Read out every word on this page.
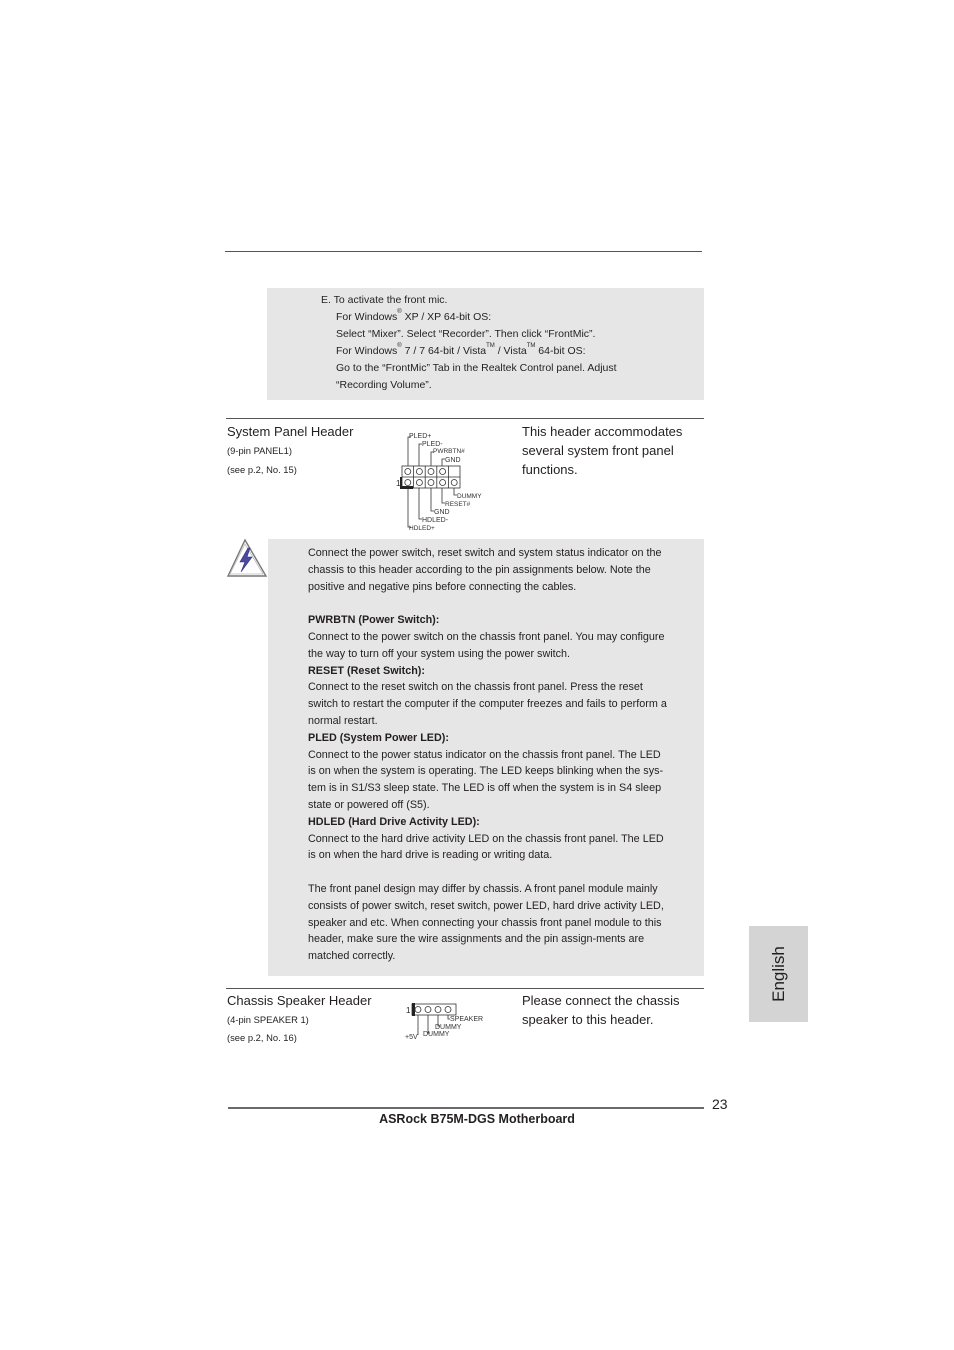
E. To activate the front mic.

For Windows® XP / XP 64-bit OS:

Select “Mixer”. Select “Recorder”. Then click “FrontMic”.

For Windows® 7 / 7 64-bit / Vista™ / Vista™ 64-bit OS:

Go to the “FrontMic” Tab in the Realtek Control panel. Adjust

“Recording Volume”.

System Panel Header
(9-pin PANEL1)
(see p.2, No. 15)

This header accommodates

several system front panel

functions.

1
PLED+
PLED-
PWRBTN#
GND
DUMMY
RESET#
GND
HDLED-
HDLED+

Connect the power switch, reset switch and system status indicator on the

chassis to this header according to the pin assignments below. Note the

positive and negative pins before connecting the cables.

PWRBTN (Power Switch):

Connect to the power switch on the chassis front panel. You may configure

the way to turn off your system using the power switch.

RESET (Reset Switch):

Connect to the reset switch on the chassis front panel. Press the reset

switch to restart the computer if the computer freezes and fails to perform a

normal restart.

PLED (System Power LED):

Connect to the power status indicator on the chassis front panel. The LED

is on when the system is operating. The LED keeps blinking when the sys-

tem is in S1/S3 sleep state. The LED is off when the system is in S4 sleep

state or powered off (S5).

HDLED (Hard Drive Activity LED):

Connect to the hard drive activity LED on the chassis front panel. The LED

is on when the hard drive is reading or writing data.

The front panel design may differ by chassis. A front panel module mainly

consists of power switch, reset switch, power LED, hard drive activity LED,

speaker and etc. When connecting your chassis front panel module to this

header, make sure the wire assignments and the pin assign-ments are

matched correctly.	English
Chassis Speaker Header
(4-pin SPEAKER 1)
(see p.2, No. 16)

Please connect the chassis

speaker to this header.

1
SPEAKER
DUMMY
+5V DUMMY
23
ASRock B75M-DGS Motherboard
